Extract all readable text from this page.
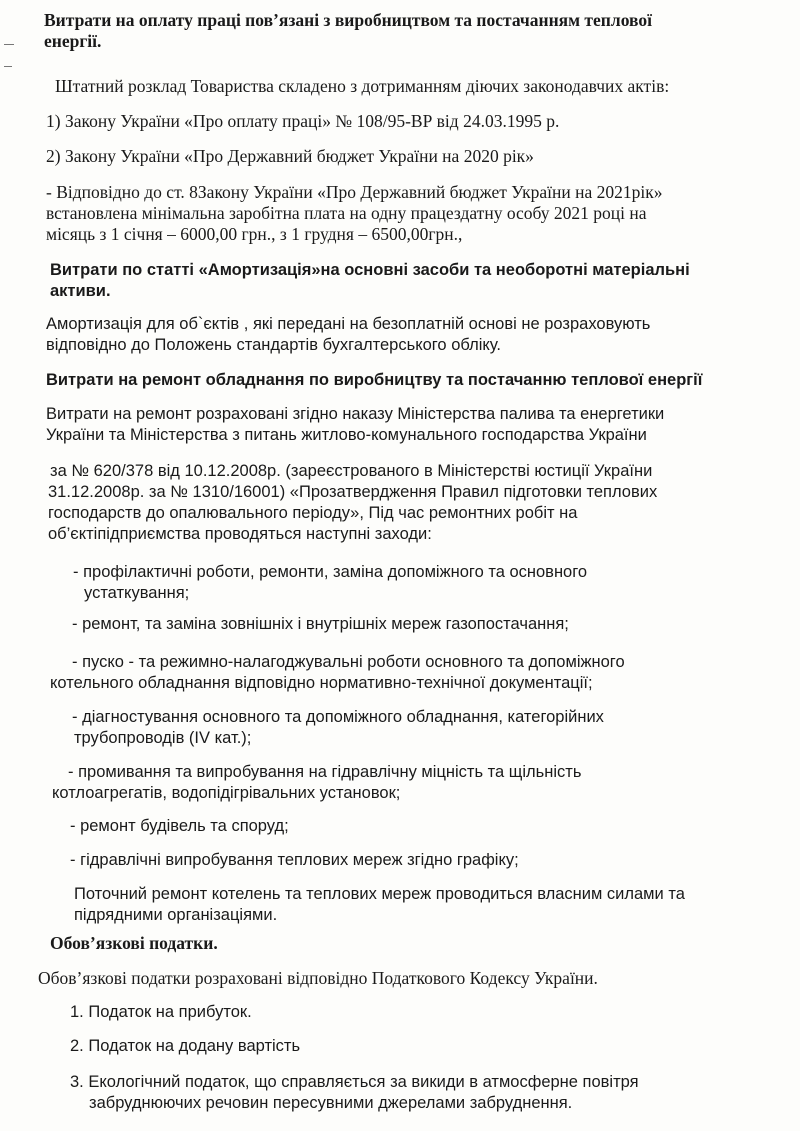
Витрати на оплату праці пов’язані з виробництвом та постачанням теплової
енергії.

Штатний розклад Товариства складено з дотриманням діючих законодавчих актів:

1) Закону України «Про оплату праці» № 108/95-ВР від 24.03.1995 р.

2) Закону України «Про Державний бюджет України на 2020 рік»

- Відповідно до ст. 8Закону України «Про Державний бюджет України на 2021рік»
встановлена мінімальна заробітна плата на одну працездатну особу 2021 році на
місяць з 1 січня – 6000,00 грн., з 1 грудня – 6500,00грн.,

Витрати по статті «Амортизація»на основні засоби та необоротні матеріальні
активи.

Амортизація для об`єктів , які передані на безоплатній основі не розраховують
відповідно до Положень стандартів бухгалтерського обліку.

Витрати на ремонт обладнання по виробництву та постачанню теплової енергії

Витрати на ремонт розраховані згідно наказу Міністерства палива та енергетики
України та Міністерства з питань житлово-комунального господарства України

за № 620/378 від 10.12.2008р. (зареєстрованого в Міністерстві юстиції України
31.12.2008р. за № 1310/16001) «Прозатвердження Правил підготовки теплових
господарств до опалювального періоду», Під час ремонтних робіт на
об’єктіпідприємства проводяться наступні заходи:

- профілактичні роботи, ремонти, заміна допоміжного та основного
устаткування;

- ремонт, та заміна зовнішніх і внутрішніх мереж газопостачання;

- пуско - та режимно-налагоджувальні роботи основного та допоміжного
котельного обладнання відповідно нормативно-технічної документації;

- діагностування основного та допоміжного обладнання, категорійних
трубопроводів (IV кат.);

- промивання та випробування на гідравлічну міцність та щільність
котлоагрегатів, водопідігрівальних установок;

- ремонт будівель та споруд;

- гідравлічні випробування теплових мереж згідно графіку;

Поточний ремонт котелень та теплових мереж проводиться власним силами та
підрядними організаціями.

Обов’язкові податки.

Обов’язкові податки розраховані відповідно Податкового Кодексу України.

1. Податок на прибуток.

2. Податок на додану вартість

3. Екологічний податок, що справляється за викиди в атмосферне повітря
забруднюючих речовин пересувними джерелами забруднення.
